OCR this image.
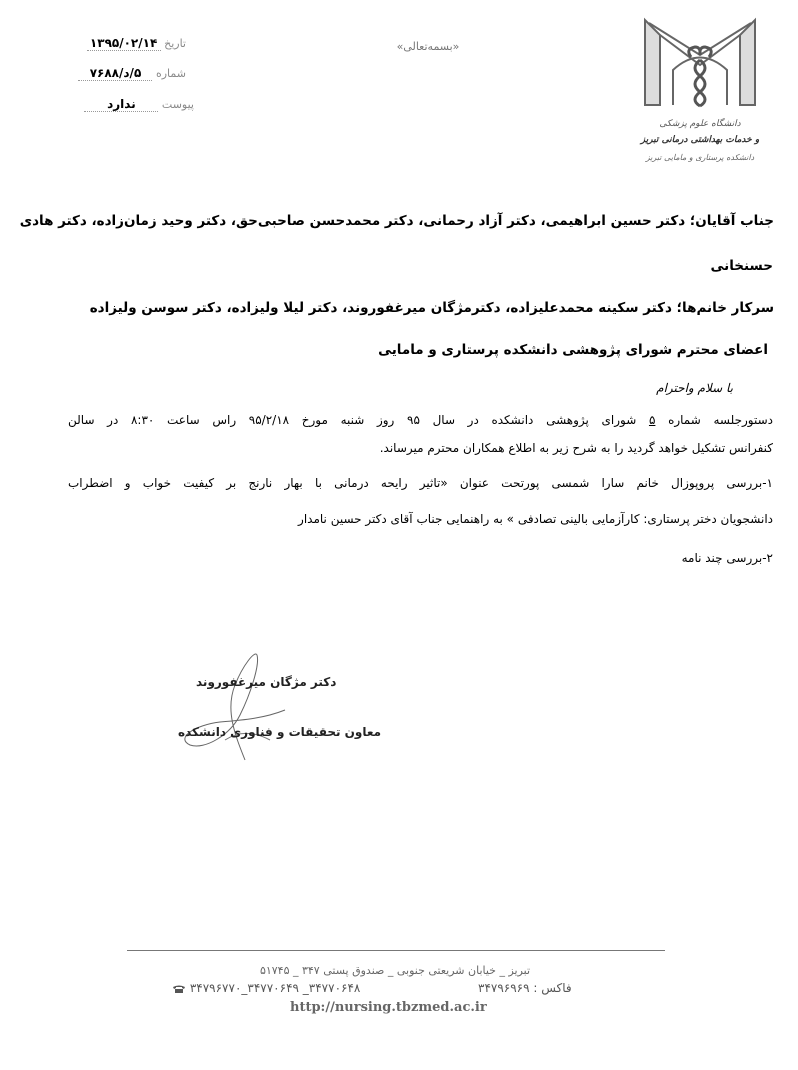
تاریخ ۱۳۹۵/۰۲/۱۴
شماره ۵/د/۷۶۸۸
پیوست ندارد
«بسمه‌تعالی»
دانشگاه علوم پزشکی
و خدمات بهداشتی درمانی تبریز
دانشکده پرستاری و مامایی تبریز
جناب آقایان؛ دکتر حسین ابراهیمی، دکتر آزاد رحمانی، دکتر محمدحسن صاحبی‌حق، دکتر وحید زمان‌زاده، دکتر هادی
حسنخانی
سرکار خانم‌ها؛ دکتر سکینه محمدعلیزاده، دکترمژگان میرغفوروند، دکتر لیلا ولیزاده، دکتر سوسن ولیزاده
اعضای محترم شورای پژوهشی دانشکده پرستاری و مامایی
با سلام واحترام
دستورجلسه شماره ۵ شورای پژوهشی دانشکده در سال ۹۵ روز شنبه مورخ ۹۵/۲/۱۸ راس ساعت ۸:۳۰ در سالن
کنفرانس تشکیل خواهد گردید را به شرح زیر به اطلاع همکاران محترم میرساند.
۱-بررسی پروپوزال خانم سارا شمسی پورتحت عنوان «تاثیر رایحه درمانی با بهار نارنج بر کیفیت خواب و اضطراب
دانشجویان دختر پرستاری: کارآزمایی بالینی تصادفی » به راهنمایی جناب آقای دکتر حسین نامدار
۲-بررسی چند نامه
دکتر مژگان میرغفوروند
معاون تحقیقات و فناوری دانشکده
تبریز _ خیابان شریعتی جنوبی _ صندوق پستی ۳۴۷ _ ۵۱۷۴۵
۳۴۷۷۰۶۴۸_ ۳۴۷۷۰۶۴۹_۳۴۷۹۶۷۷۰	فاکس : ۳۴۷۹۶۹۶۹
http://nursing.tbzmed.ac.ir
